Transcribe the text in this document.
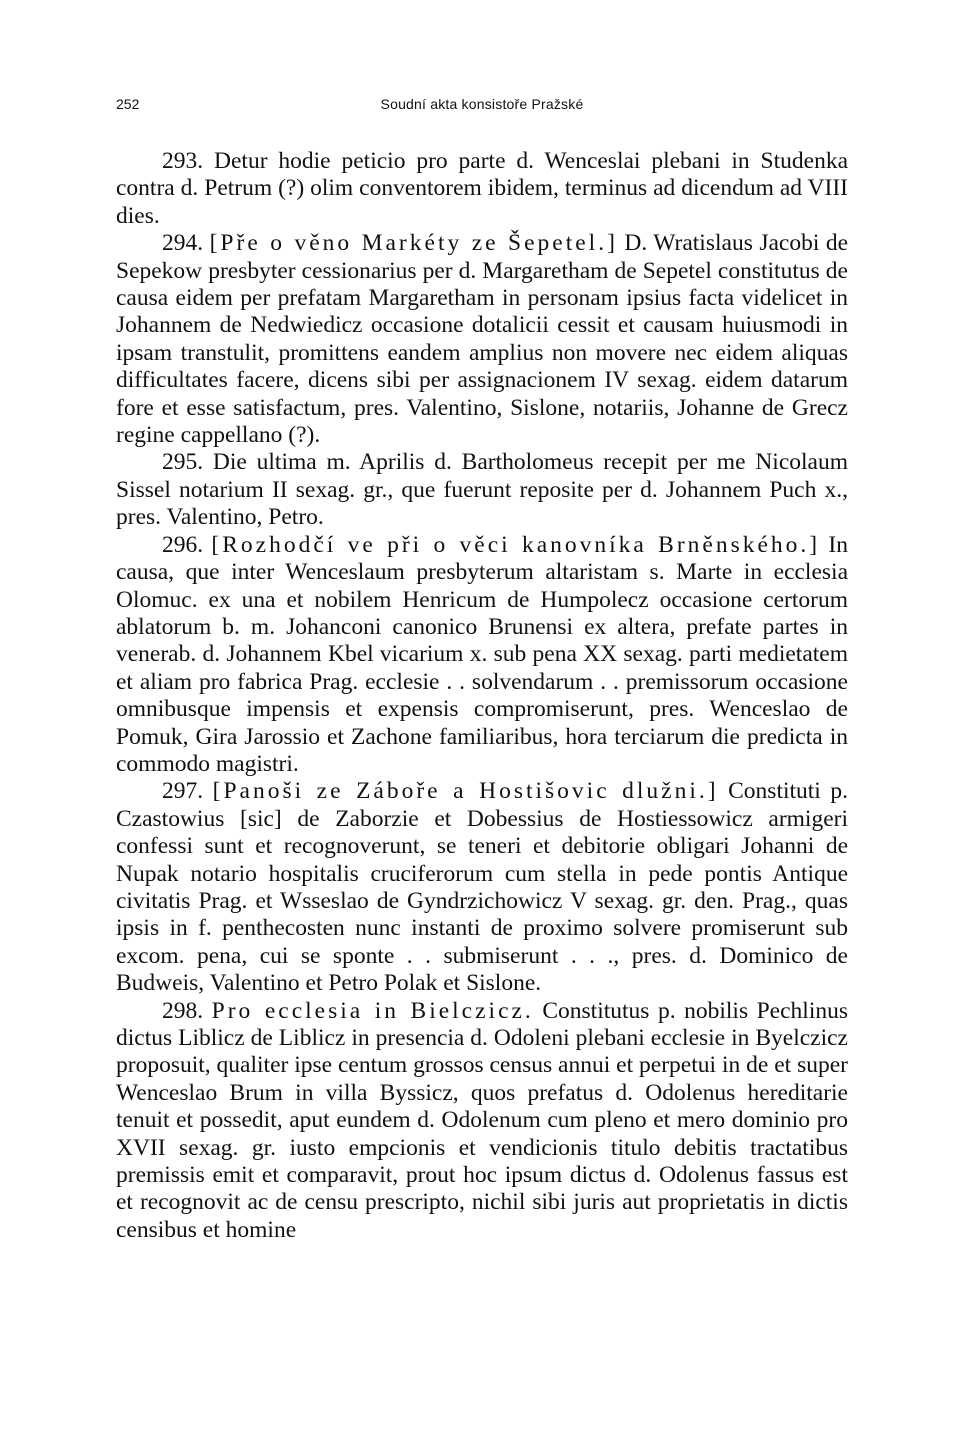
252	Soudní akta konsistoře Pražské

293. Detur hodie peticio pro parte d. Wenceslai plebani in Studenka contra d. Petrum (?) olim conventorem ibidem, terminus ad dicendum ad VIII dies.

294. [Pře o věno Markéty ze Šepetel.] D. Wratislaus Jacobi de Sepekow presbyter cessionarius per d. Margaretham de Sepetel constitutus de causa eidem per prefatam Margaretham in personam ipsius facta videlicet in Johannem de Nedwiedicz occasione dotalicii cessit et causam huiusmodi in ipsam transtulit, promittens eandem amplius non movere nec eidem aliquas difficultates facere, dicens sibi per assignacionem IV sexag. eidem datarum fore et esse satisfactum, pres. Valentino, Sislone, notariis, Johanne de Grecz regine cappellano (?).

295. Die ultima m. Aprilis d. Bartholomeus recepit per me Nicolaum Sissel notarium II sexag. gr., que fuerunt reposite per d. Johannem Puch x., pres. Valentino, Petro.

296. [Rozhodčí ve při o věci kanovníka Brněnského.] In causa, que inter Wenceslaum presbyterum altaristam s. Marte in ecclesia Olomuc. ex una et nobilem Henricum de Humpolecz occasione certorum ablatorum b. m. Johanconi canonico Brunensi ex altera, prefate partes in venerab. d. Johannem Kbel vicarium x. sub pena XX sexag. parti medietatem et aliam pro fabrica Prag. ecclesie . . solvendarum . . premissorum occasione omnibusque impensis et expensis compromiserunt, pres. Wenceslao de Pomuk, Gira Jarossio et Zachone familiaribus, hora terciarum die predicta in commodo magistri.

297. [Panoši ze Záboře a Hostišovic dlužni.] Constituti p. Czastowius [sic] de Zaborzie et Dobessius de Hostiessowicz armigeri confessi sunt et recognoverunt, se teneri et debitorie obligari Johanni de Nupak notario hospitalis cruciferorum cum stella in pede pontis Antique civitatis Prag. et Wsseslao de Gyndrzichowicz V sexag. gr. den. Prag., quas ipsis in f. penthecosten nunc instanti de proximo solvere promiserunt sub excom. pena, cui se sponte . . submiserunt . . ., pres. d. Dominico de Budweis, Valentino et Petro Polak et Sislone.

298. Pro ecclesia in Bielczicz. Constitutus p. nobilis Pechlinus dictus Liblicz de Liblicz in presencia d. Odoleni plebani ecclesie in Byelczicz proposuit, qualiter ipse centum grossos census annui et perpetui in de et super Wenceslao Brum in villa Byssicz, quos prefatus d. Odolenus hereditarie tenuit et possedit, aput eundem d. Odolenum cum pleno et mero dominio pro XVII sexag. gr. iusto empcionis et vendicionis titulo debitis tractatibus premissis emit et comparavit, prout hoc ipsum dictus d. Odolenus fassus est et recognovit ac de censu prescripto, nichil sibi juris aut proprietatis in dictis censibus et homine
